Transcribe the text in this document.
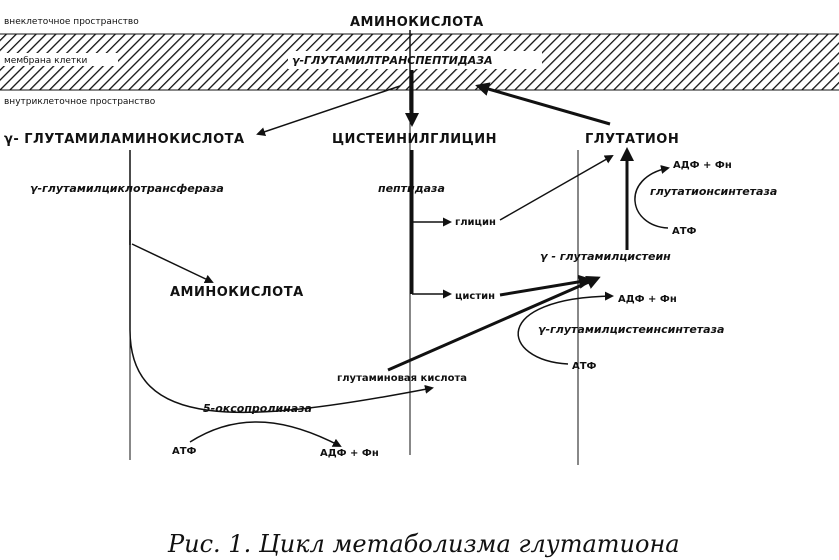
внеклеточное пространство
мембрана клетки
внутриклеточное пространство
АМИНОКИСЛОТА
γ-ГЛУТАМИЛТРАНСПЕПТИДАЗА
γ- ГЛУТАМИЛАМИНОКИСЛОТА	ЦИСТЕИНИЛГЛИЦИН	ГЛУТАТИОН
γ-глутамилциклотрансфераза	пептидаза
глицин
цистин
АМИНОКИСЛОТА
γ - глутамилцистеин
АДФ + Фн
глутатионсинтетаза
АТФ
АДФ + Фн
γ-глутамилцистеинсинтетаза
АТФ
глутаминовая кислота
5-оксопролиназа
АТФ	АДФ + Фн
Рис. 1. Цикл метаболизма глутатиона
